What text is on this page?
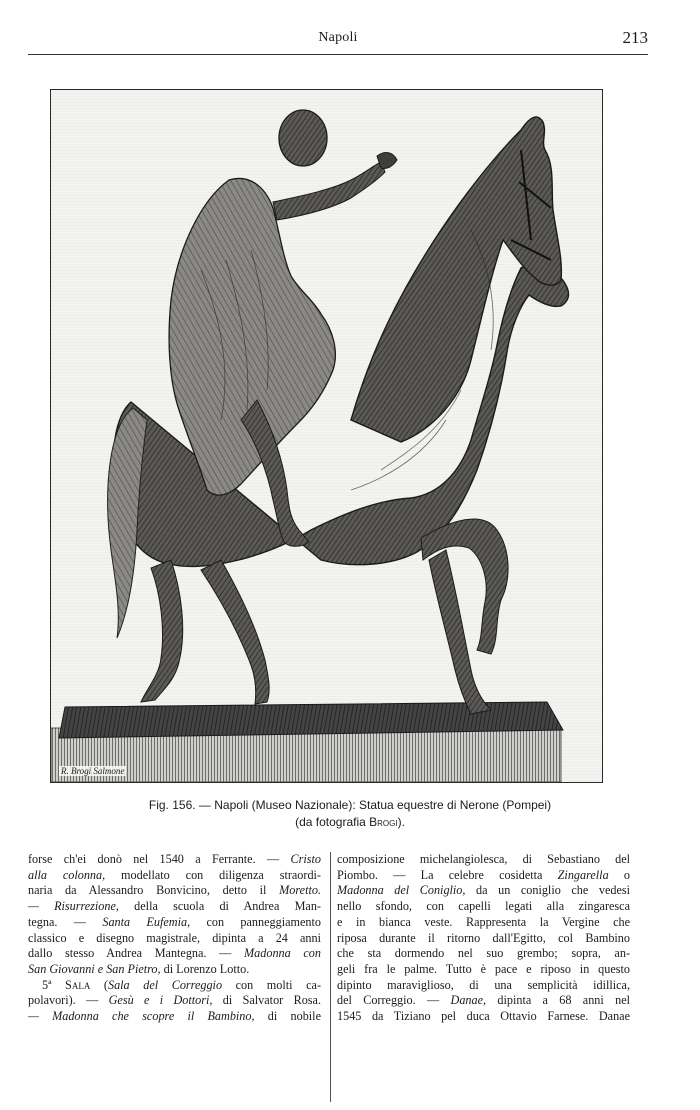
Napoli	213
R. Brogi Salmone
Fig. 156. — Napoli (Museo Nazionale): Statua equestre di Nerone (Pompei)
(da fotografia Brogi).
forse ch'ei donò nel 1540 a Ferrante. — Cristo
alla colonna, modellato con diligenza straordi-
naria da Alessandro Bonvicino, detto il Moretto.
— Risurrezione, della scuola di Andrea Man-
tegna. — Santa Eufemia, con panneggiamento
classico e disegno magistrale, dipinta a 24 anni
dallo stesso Andrea Mantegna. — Madonna con
San Giovanni e San Pietro, di Lorenzo Lotto.
5ª Sala (Sala del Correggio con molti ca-
polavori). — Gesù e i Dottori, di Salvator Rosa.
— Madonna che scopre il Bambino, di nobile
composizione michelangiolesca, di Sebastiano del
Piombo. — La celebre cosidetta Zingarella o
Madonna del Coniglio, da un coniglio che vedesi
nello sfondo, con capelli legati alla zingaresca
e in bianca veste. Rappresenta la Vergine che
riposa durante il ritorno dall'Egitto, col Bambino
che sta dormendo nel suo grembo; sopra, an-
geli fra le palme. Tutto è pace e riposo in questo
dipinto maraviglioso, di una semplicità idillica,
del Correggio. — Danae, dipinta a 68 anni nel
1545 da Tiziano pel duca Ottavio Farnese. Danae
